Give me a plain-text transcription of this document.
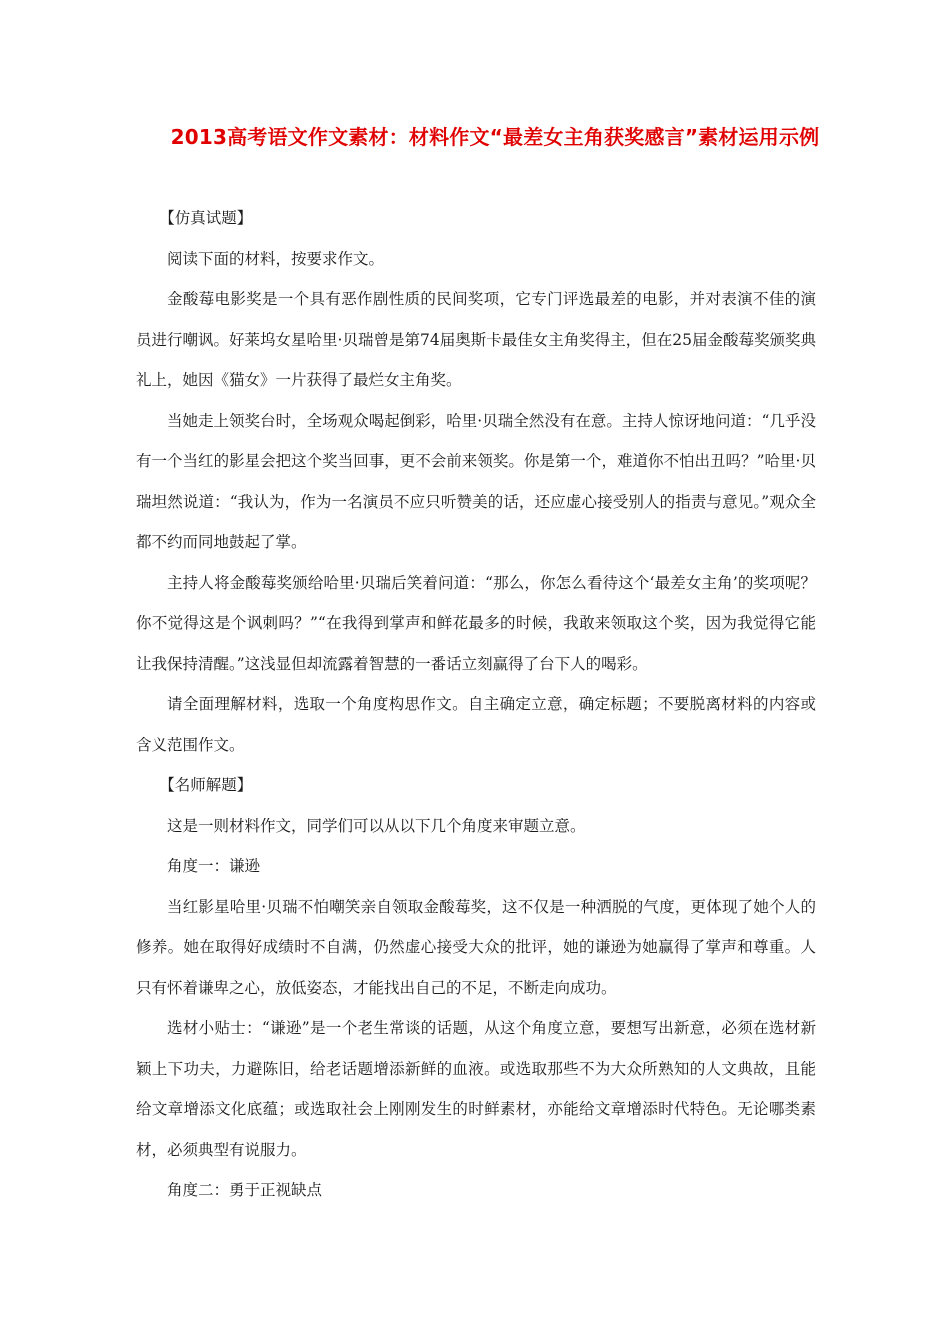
2013高考语文作文素材：材料作文“最差女主角获奖感言”素材运用示例

【仿真试题】

阅读下面的材料，按要求作文。

金酸莓电影奖是一个具有恶作剧性质的民间奖项，它专门评选最差的电影，并对表演不佳的演员进行嘲讽。好莱坞女星哈里·贝瑞曾是第74届奥斯卡最佳女主角奖得主，但在25届金酸莓奖颁奖典礼上，她因《猫女》一片获得了最烂女主角奖。

当她走上领奖台时，全场观众喝起倒彩，哈里·贝瑞全然没有在意。主持人惊讶地问道：“几乎没有一个当红的影星会把这个奖当回事，更不会前来领奖。你是第一个，难道你不怕出丑吗？”哈里·贝瑞坦然说道：“我认为，作为一名演员不应只听赞美的话，还应虚心接受别人的指责与意见。”观众全都不约而同地鼓起了掌。

主持人将金酸莓奖颁给哈里·贝瑞后笑着问道：“那么，你怎么看待这个‘最差女主角’的奖项呢？你不觉得这是个讽刺吗？”“在我得到掌声和鲜花最多的时候，我敢来领取这个奖，因为我觉得它能让我保持清醒。”这浅显但却流露着智慧的一番话立刻赢得了台下人的喝彩。

请全面理解材料，选取一个角度构思作文。自主确定立意，确定标题；不要脱离材料的内容或含义范围作文。

【名师解题】

这是一则材料作文，同学们可以从以下几个角度来审题立意。

角度一：谦逊

当红影星哈里·贝瑞不怕嘲笑亲自领取金酸莓奖，这不仅是一种洒脱的气度，更体现了她个人的修养。她在取得好成绩时不自满，仍然虚心接受大众的批评，她的谦逊为她赢得了掌声和尊重。人只有怀着谦卑之心，放低姿态，才能找出自己的不足，不断走向成功。

选材小贴士：“谦逊”是一个老生常谈的话题，从这个角度立意，要想写出新意，必须在选材新颖上下功夫，力避陈旧，给老话题增添新鲜的血液。或选取那些不为大众所熟知的人文典故，且能给文章增添文化底蕴；或选取社会上刚刚发生的时鲜素材，亦能给文章增添时代特色。无论哪类素材，必须典型有说服力。

角度二：勇于正视缺点
